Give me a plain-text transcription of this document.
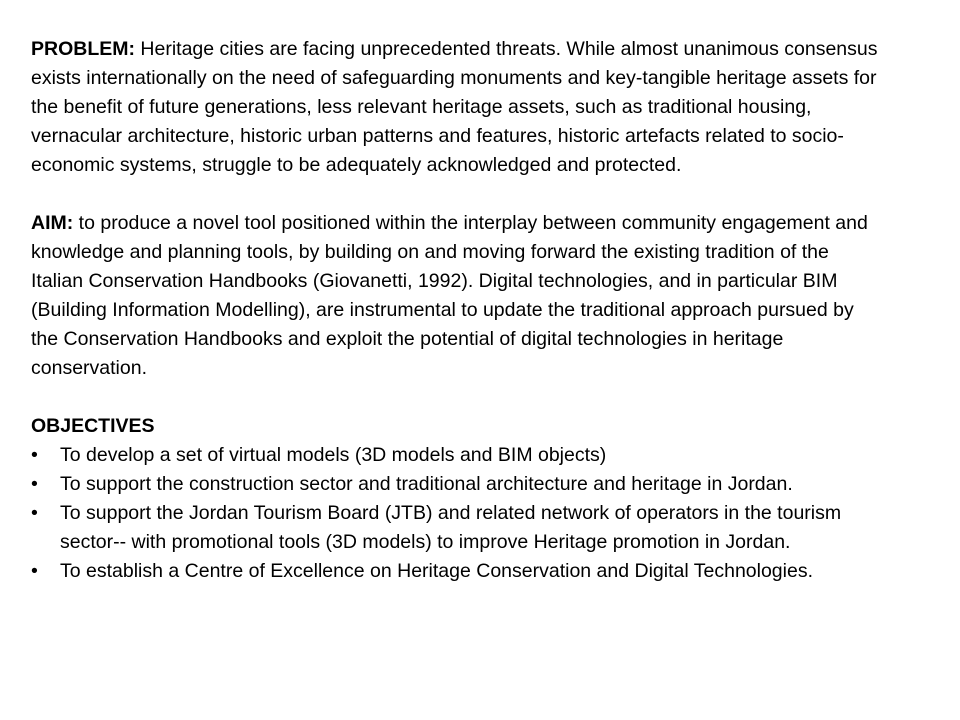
PROBLEM: Heritage cities are facing unprecedented threats. While almost unanimous consensus exists internationally on the need of safeguarding monuments and key-tangible heritage assets for the benefit of future generations, less relevant heritage assets, such as traditional housing, vernacular architecture, historic urban patterns and features, historic artefacts related to socio- economic systems, struggle to be adequately acknowledged and protected.

AIM: to produce a novel tool positioned within the interplay between community engagement and knowledge and planning tools, by building on and moving forward the existing tradition of the Italian Conservation Handbooks (Giovanetti, 1992). Digital technologies, and in particular BIM (Building Information Modelling), are instrumental to update the traditional approach pursued by the Conservation Handbooks and exploit the potential of digital technologies in heritage conservation.

OBJECTIVES

•	To develop a set of virtual models (3D models and BIM objects)
•	To support the construction sector and traditional architecture and heritage in Jordan.
•	To support the Jordan Tourism Board (JTB) and related network of operators in the tourism sector-- with promotional tools (3D models) to improve Heritage promotion in Jordan.
•	To establish a Centre of Excellence on Heritage Conservation and Digital Technologies.
